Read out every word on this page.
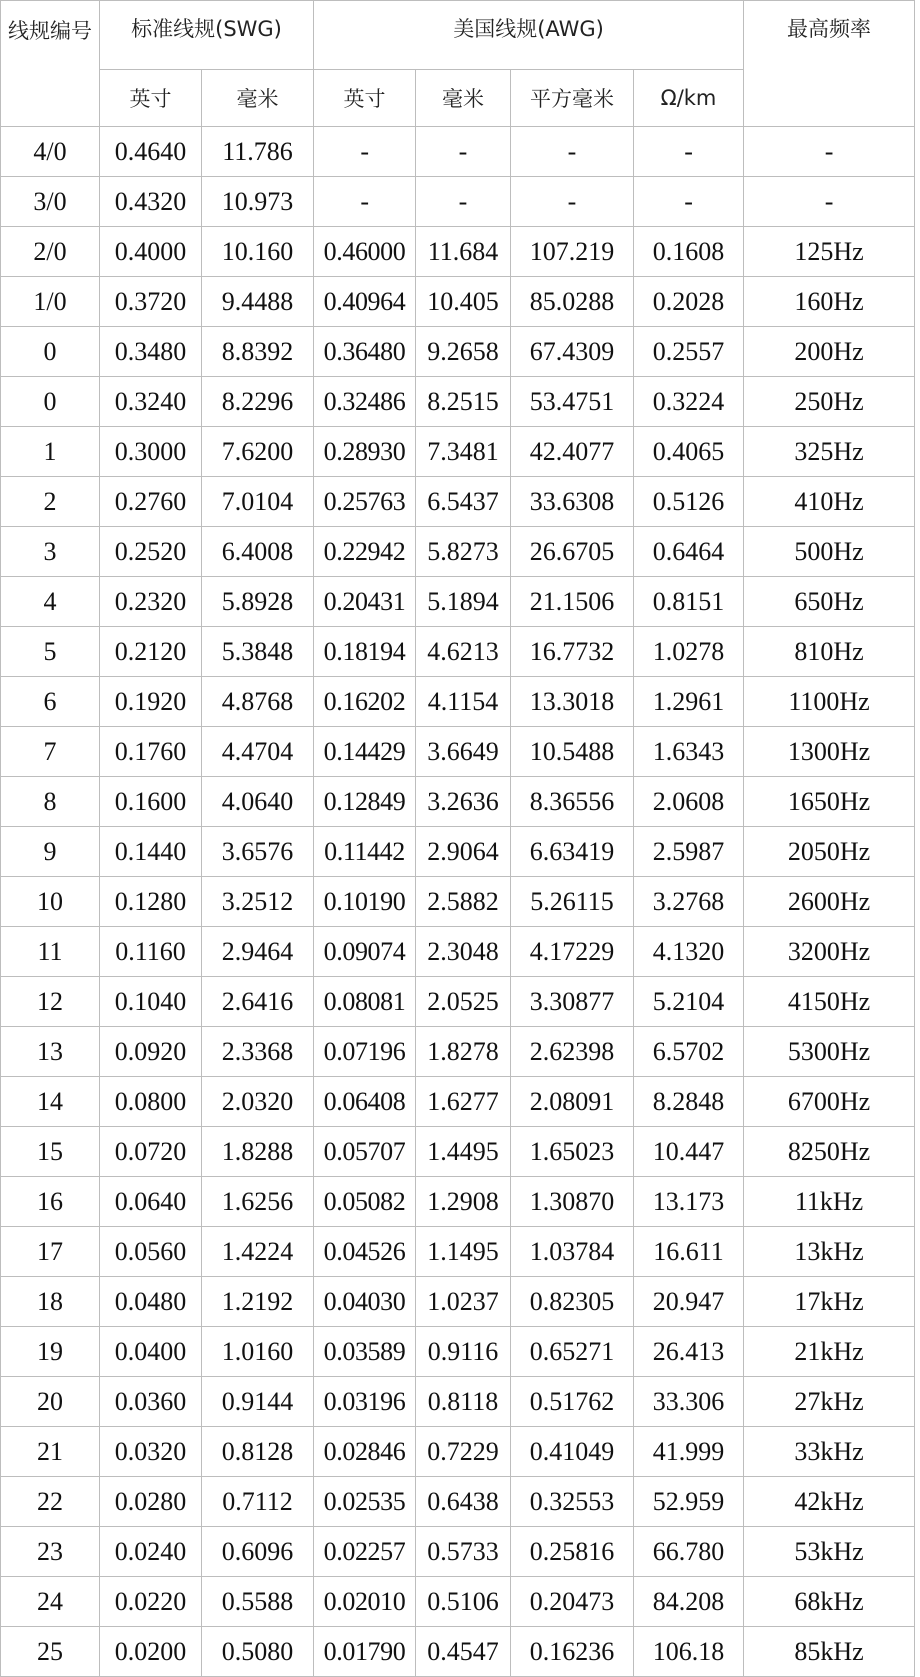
线规编号	标准线规(SWG)		美国线规(AWG)				最高频率
	英寸	毫米	英寸	毫米	平方毫米	Ω/km	
4/0	0.4640	11.786	-	-	-	-	-
3/0	0.4320	10.973	-	-	-	-	-
2/0	0.4000	10.160	0.46000	11.684	107.219	0.1608	125Hz
1/0	0.3720	9.4488	0.40964	10.405	85.0288	0.2028	160Hz
0	0.3480	8.8392	0.36480	9.2658	67.4309	0.2557	200Hz
0	0.3240	8.2296	0.32486	8.2515	53.4751	0.3224	250Hz
1	0.3000	7.6200	0.28930	7.3481	42.4077	0.4065	325Hz
2	0.2760	7.0104	0.25763	6.5437	33.6308	0.5126	410Hz
3	0.2520	6.4008	0.22942	5.8273	26.6705	0.6464	500Hz
4	0.2320	5.8928	0.20431	5.1894	21.1506	0.8151	650Hz
5	0.2120	5.3848	0.18194	4.6213	16.7732	1.0278	810Hz
6	0.1920	4.8768	0.16202	4.1154	13.3018	1.2961	1100Hz
7	0.1760	4.4704	0.14429	3.6649	10.5488	1.6343	1300Hz
8	0.1600	4.0640	0.12849	3.2636	8.36556	2.0608	1650Hz
9	0.1440	3.6576	0.11442	2.9064	6.63419	2.5987	2050Hz
10	0.1280	3.2512	0.10190	2.5882	5.26115	3.2768	2600Hz
11	0.1160	2.9464	0.09074	2.3048	4.17229	4.1320	3200Hz
12	0.1040	2.6416	0.08081	2.0525	3.30877	5.2104	4150Hz
13	0.0920	2.3368	0.07196	1.8278	2.62398	6.5702	5300Hz
14	0.0800	2.0320	0.06408	1.6277	2.08091	8.2848	6700Hz
15	0.0720	1.8288	0.05707	1.4495	1.65023	10.447	8250Hz
16	0.0640	1.6256	0.05082	1.2908	1.30870	13.173	11kHz
17	0.0560	1.4224	0.04526	1.1495	1.03784	16.611	13kHz
18	0.0480	1.2192	0.04030	1.0237	0.82305	20.947	17kHz
19	0.0400	1.0160	0.03589	0.9116	0.65271	26.413	21kHz
20	0.0360	0.9144	0.03196	0.8118	0.51762	33.306	27kHz
21	0.0320	0.8128	0.02846	0.7229	0.41049	41.999	33kHz
22	0.0280	0.7112	0.02535	0.6438	0.32553	52.959	42kHz
23	0.0240	0.6096	0.02257	0.5733	0.25816	66.780	53kHz
24	0.0220	0.5588	0.02010	0.5106	0.20473	84.208	68kHz
25	0.0200	0.5080	0.01790	0.4547	0.16236	106.18	85kHz
